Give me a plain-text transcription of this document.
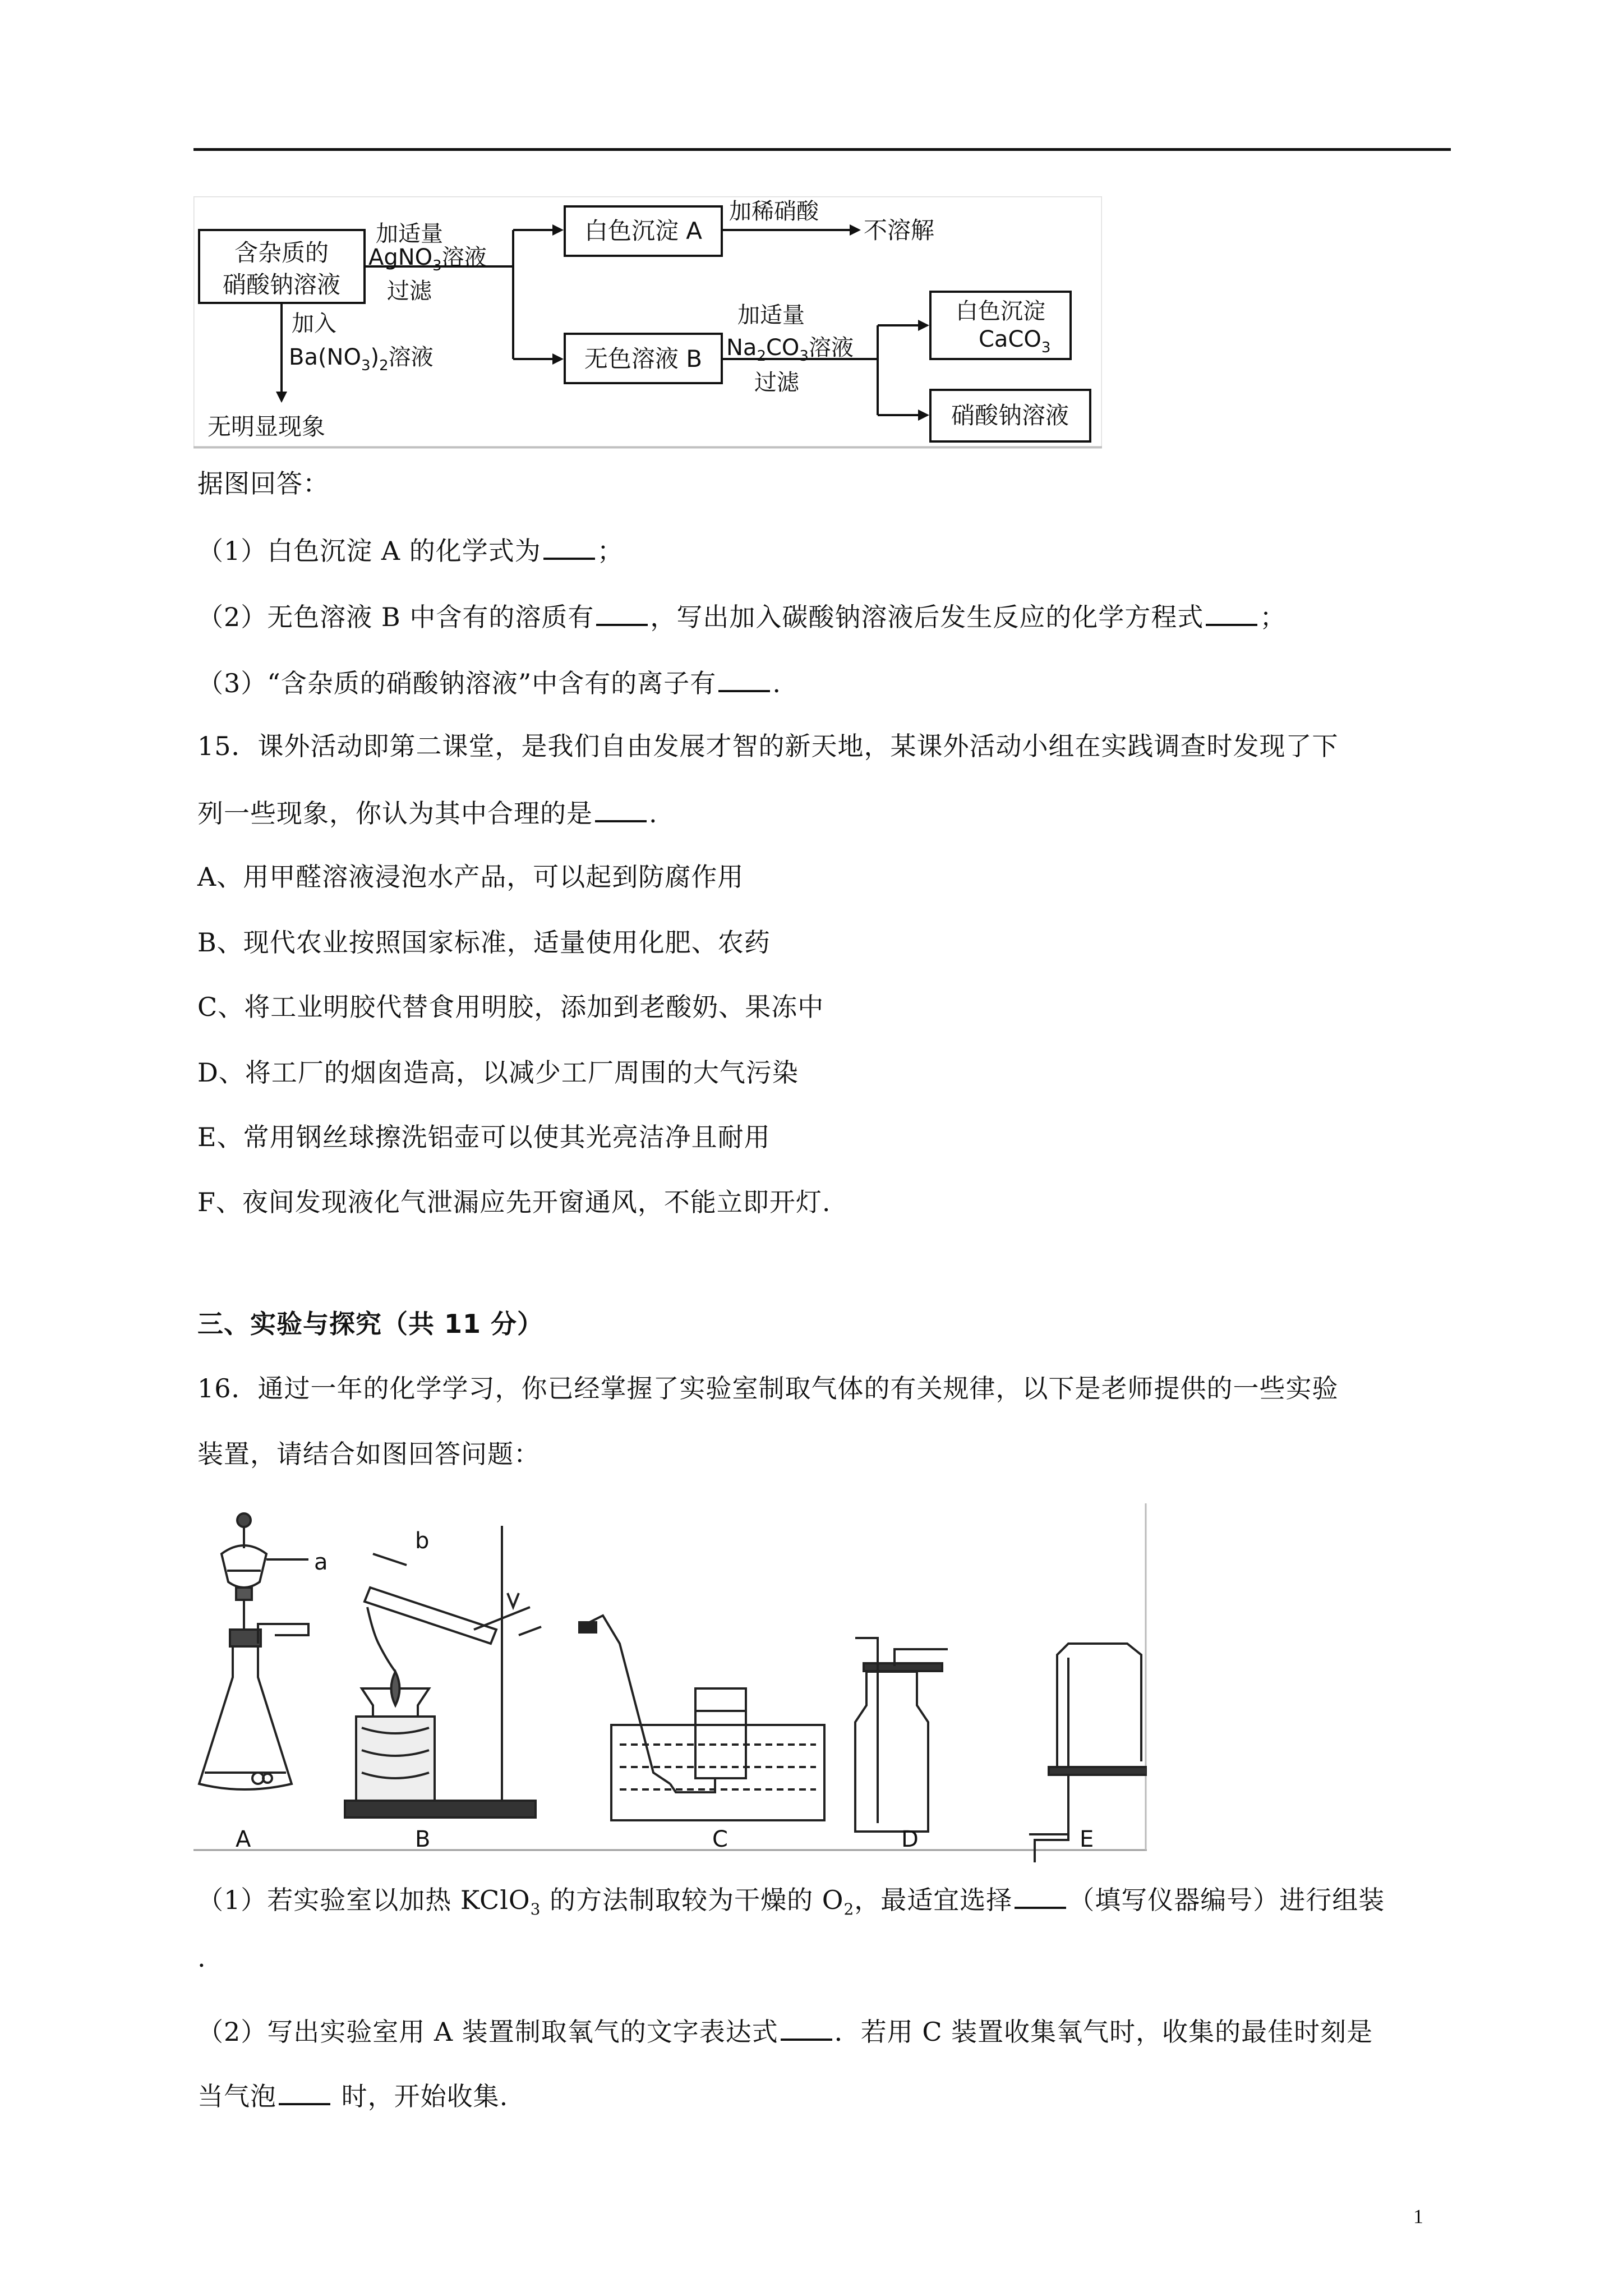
含杂质的
硝酸钠溶液
加适量
AgNO$_3$溶液
过滤
白色沉淀 A
加稀硝酸
不溶解
无色溶液 B
加适量
$Na_2CO_3$溶液
过滤
白色沉淀
CaCO$_3$
硝酸钠溶液
加入
$Ba(NO_3)_2$溶液
无明显现象
据图回答：
（1）白色沉淀 A 的化学式为 ；
（2）无色溶液 B 中含有的溶质有 ，写出加入碳酸钠溶液后发生反应的化学方程式 ；
（3）“含杂质的硝酸钠溶液”中含有的离子有 .
15．课外活动即第二课堂，是我们自由发展才智的新天地，某课外活动小组在实践调查时发现了下
列一些现象，你认为其中合理的是 .
A、用甲醛溶液浸泡水产品，可以起到防腐作用
B、现代农业按照国家标准，适量使用化肥、农药
C、将工业明胶代替食用明胶，添加到老酸奶、果冻中
D、将工厂的烟囱造高，以减少工厂周围的大气污染
E、常用钢丝球擦洗铝壶可以使其光亮洁净且耐用
F、夜间发现液化气泄漏应先开窗通风，不能立即开灯.
三、实验与探究（共 11 分）
16．通过一年的化学学习，你已经掌握了实验室制取气体的有关规律，以下是老师提供的一些实验
装置，请结合如图回答问题：
a
b
A	B	C	D	E
（1）若实验室以加热 KClO$_3$ 的方法制取较为干燥的 $O_2$，最适宜选择 （填写仪器编号）进行组装
.
（2）写出实验室用 A 装置制取氧气的文字表达式 ．若用 C 装置收集氧气时，收集的最佳时刻是
当气泡 时，开始收集.
1
